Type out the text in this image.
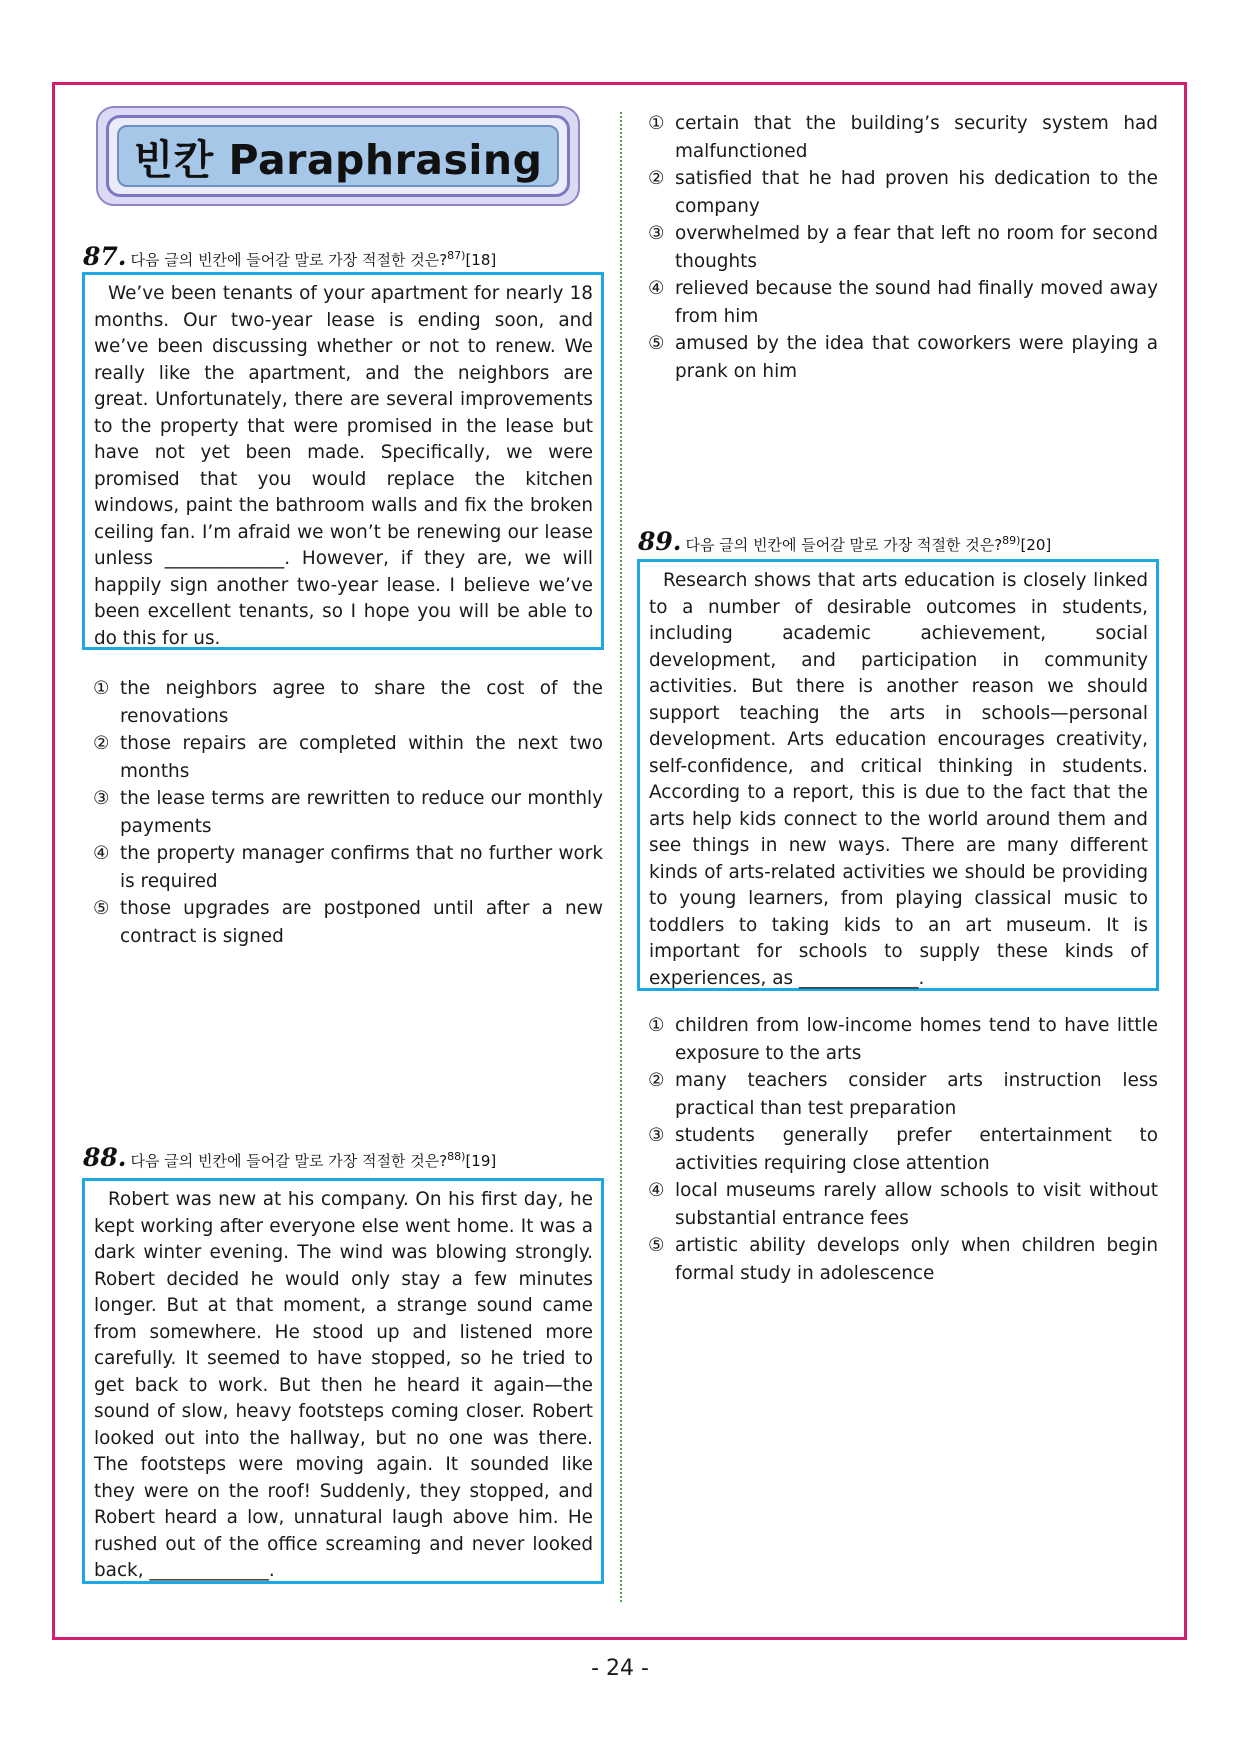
빈칸 Paraphrasing
87. 다음 글의 빈칸에 들어갈 말로 가장 적절한 것은?$^{87)}$[18]
We’ve been tenants of your apartment for nearly 18 months. Our two-year lease is ending soon, and we’ve been discussing whether or not to renew. We really like the apartment, and the neighbors are great. Unfortunately, there are several improvements to the property that were promised in the lease but have not yet been made. Specifically, we were promised that you would replace the kitchen windows, paint the bathroom walls and fix the broken ceiling fan. I’m afraid we won’t be renewing our lease unless _____________. However, if they are, we will happily sign another two-year lease. I believe we’ve been excellent tenants, so I hope you will be able to do this for us.
① the neighbors agree to share the cost of the renovations
② those repairs are completed within the next two months
③ the lease terms are rewritten to reduce our monthly payments
④ the property manager confirms that no further work is required
⑤ those upgrades are postponed until after a new contract is signed
88. 다음 글의 빈칸에 들어갈 말로 가장 적절한 것은?$^{88)}$[19]
Robert was new at his company. On his first day, he kept working after everyone else went home. It was a dark winter evening. The wind was blowing strongly. Robert decided he would only stay a few minutes longer. But at that moment, a strange sound came from somewhere. He stood up and listened more carefully. It seemed to have stopped, so he tried to get back to work. But then he heard it again—the sound of slow, heavy footsteps coming closer. Robert looked out into the hallway, but no one was there. The footsteps were moving again. It sounded like they were on the roof! Suddenly, they stopped, and Robert heard a low, unnatural laugh above him. He rushed out of the office screaming and never looked back, _____________.
① certain that the building’s security system had malfunctioned
② satisfied that he had proven his dedication to the company
③ overwhelmed by a fear that left no room for second thoughts
④ relieved because the sound had finally moved away from him
⑤ amused by the idea that coworkers were playing a prank on him
89. 다음 글의 빈칸에 들어갈 말로 가장 적절한 것은?$^{89)}$[20]
Research shows that arts education is closely linked to a number of desirable outcomes in students, including academic achievement, social development, and participation in community activities. But there is another reason we should support teaching the arts in schools—personal development. Arts education encourages creativity, self-confidence, and critical thinking in students. According to a report, this is due to the fact that the arts help kids connect to the world around them and see things in new ways. There are many different kinds of arts-related activities we should be providing to young learners, from playing classical music to toddlers to taking kids to an art museum. It is important for schools to supply these kinds of experiences, as _____________.
① children from low-income homes tend to have little exposure to the arts
② many teachers consider arts instruction less practical than test preparation
③ students generally prefer entertainment to activities requiring close attention
④ local museums rarely allow schools to visit without substantial entrance fees
⑤ artistic ability develops only when children begin formal study in adolescence
- 24 -
